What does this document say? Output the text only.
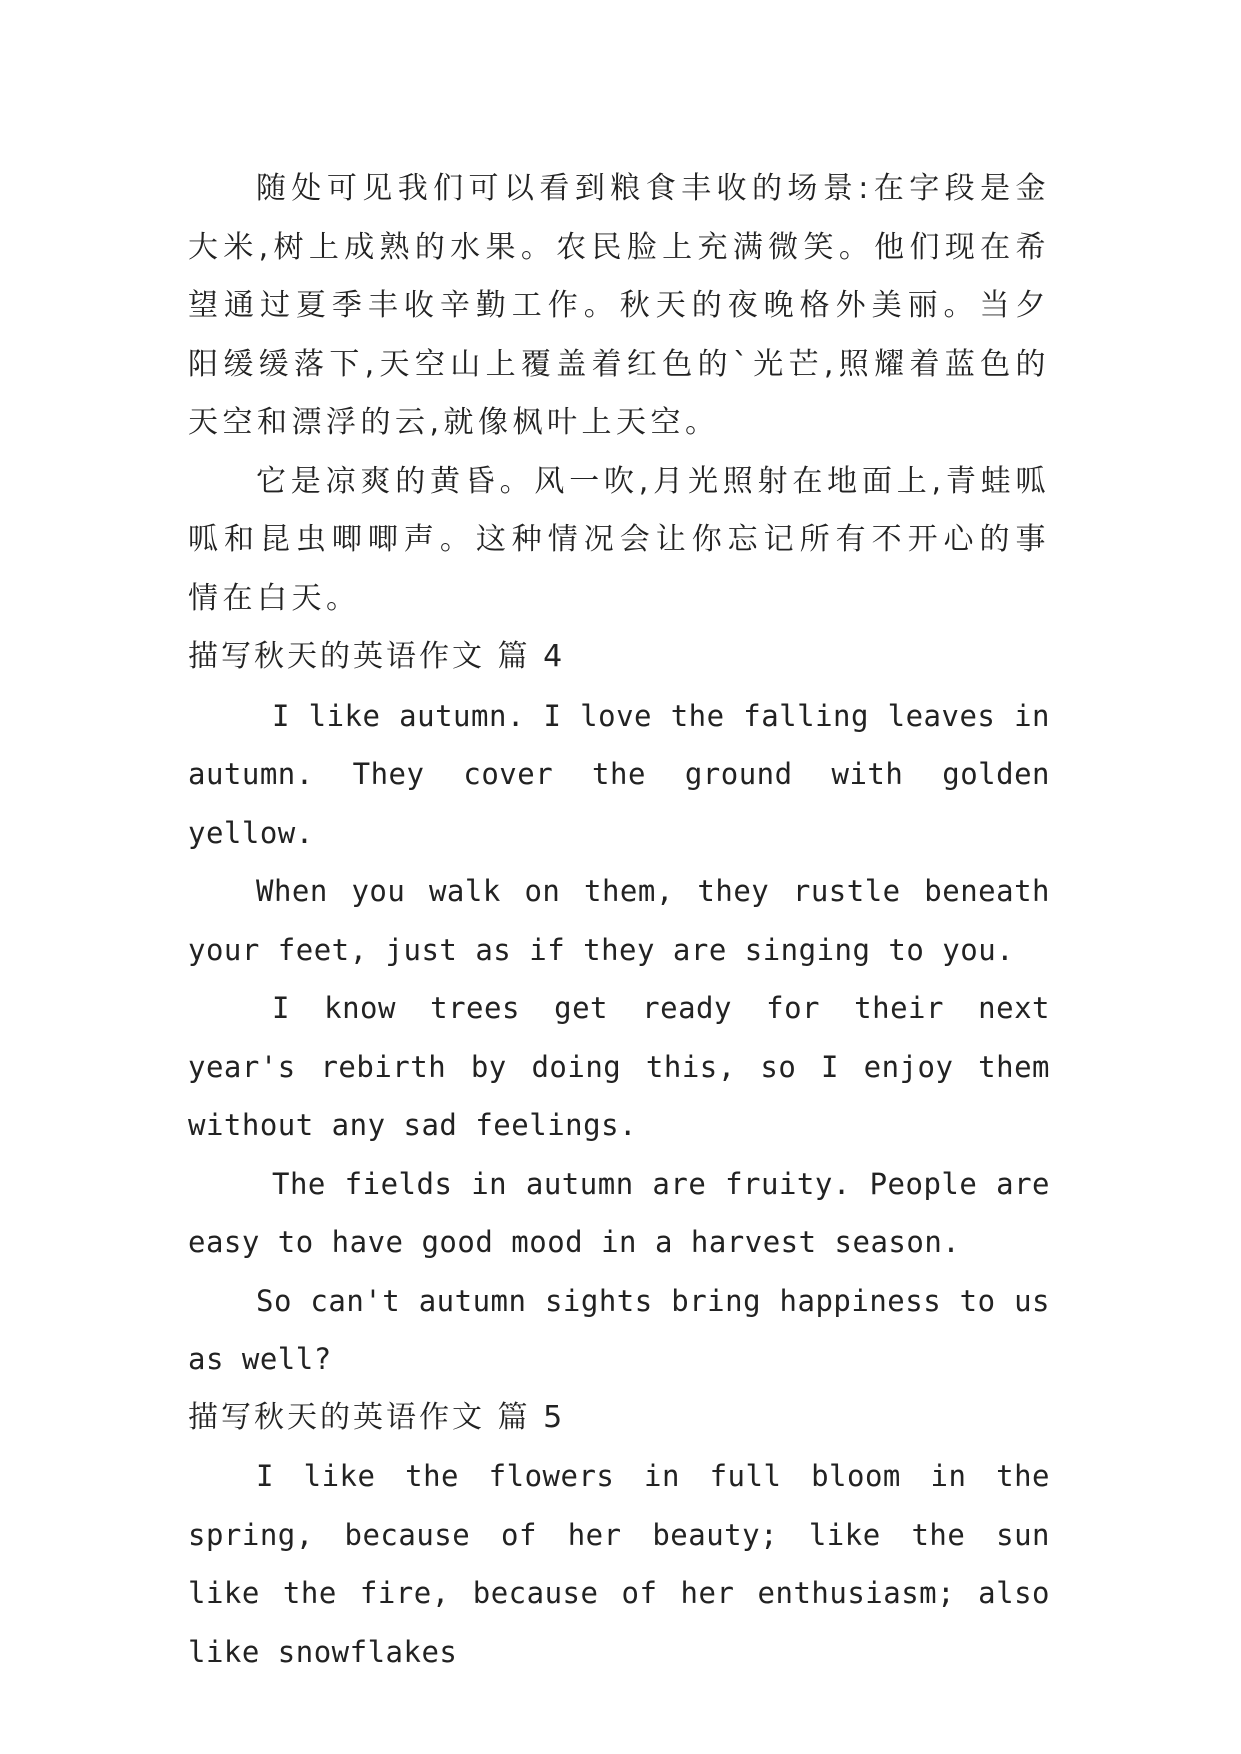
随处可见我们可以看到粮食丰收的场景:在字段是金大米,树上成熟的水果。农民脸上充满微笑。他们现在希望通过夏季丰收辛勤工作。秋天的夜晚格外美丽。当夕阳缓缓落下,天空山上覆盖着红色的`光芒,照耀着蓝色的天空和漂浮的云,就像枫叶上天空。

它是凉爽的黄昏。风一吹,月光照射在地面上,青蛙呱呱和昆虫唧唧声。这种情况会让你忘记所有不开心的事情在白天。

描写秋天的英语作文 篇 4

I like autumn. I love the falling leaves in autumn. They cover the ground with golden yellow.

When you walk on them, they rustle beneath your feet, just as if they are singing to you.

I know trees get ready for their next year's rebirth by doing this, so I enjoy them without any sad feelings.

The fields in autumn are fruity. People are easy to have good mood in a harvest season.

So can't autumn sights bring happiness to us as well?

描写秋天的英语作文 篇 5

I like the flowers in full bloom in the spring, because of her beauty; like the sun like the fire, because of her enthusiasm; also like snowflakes
